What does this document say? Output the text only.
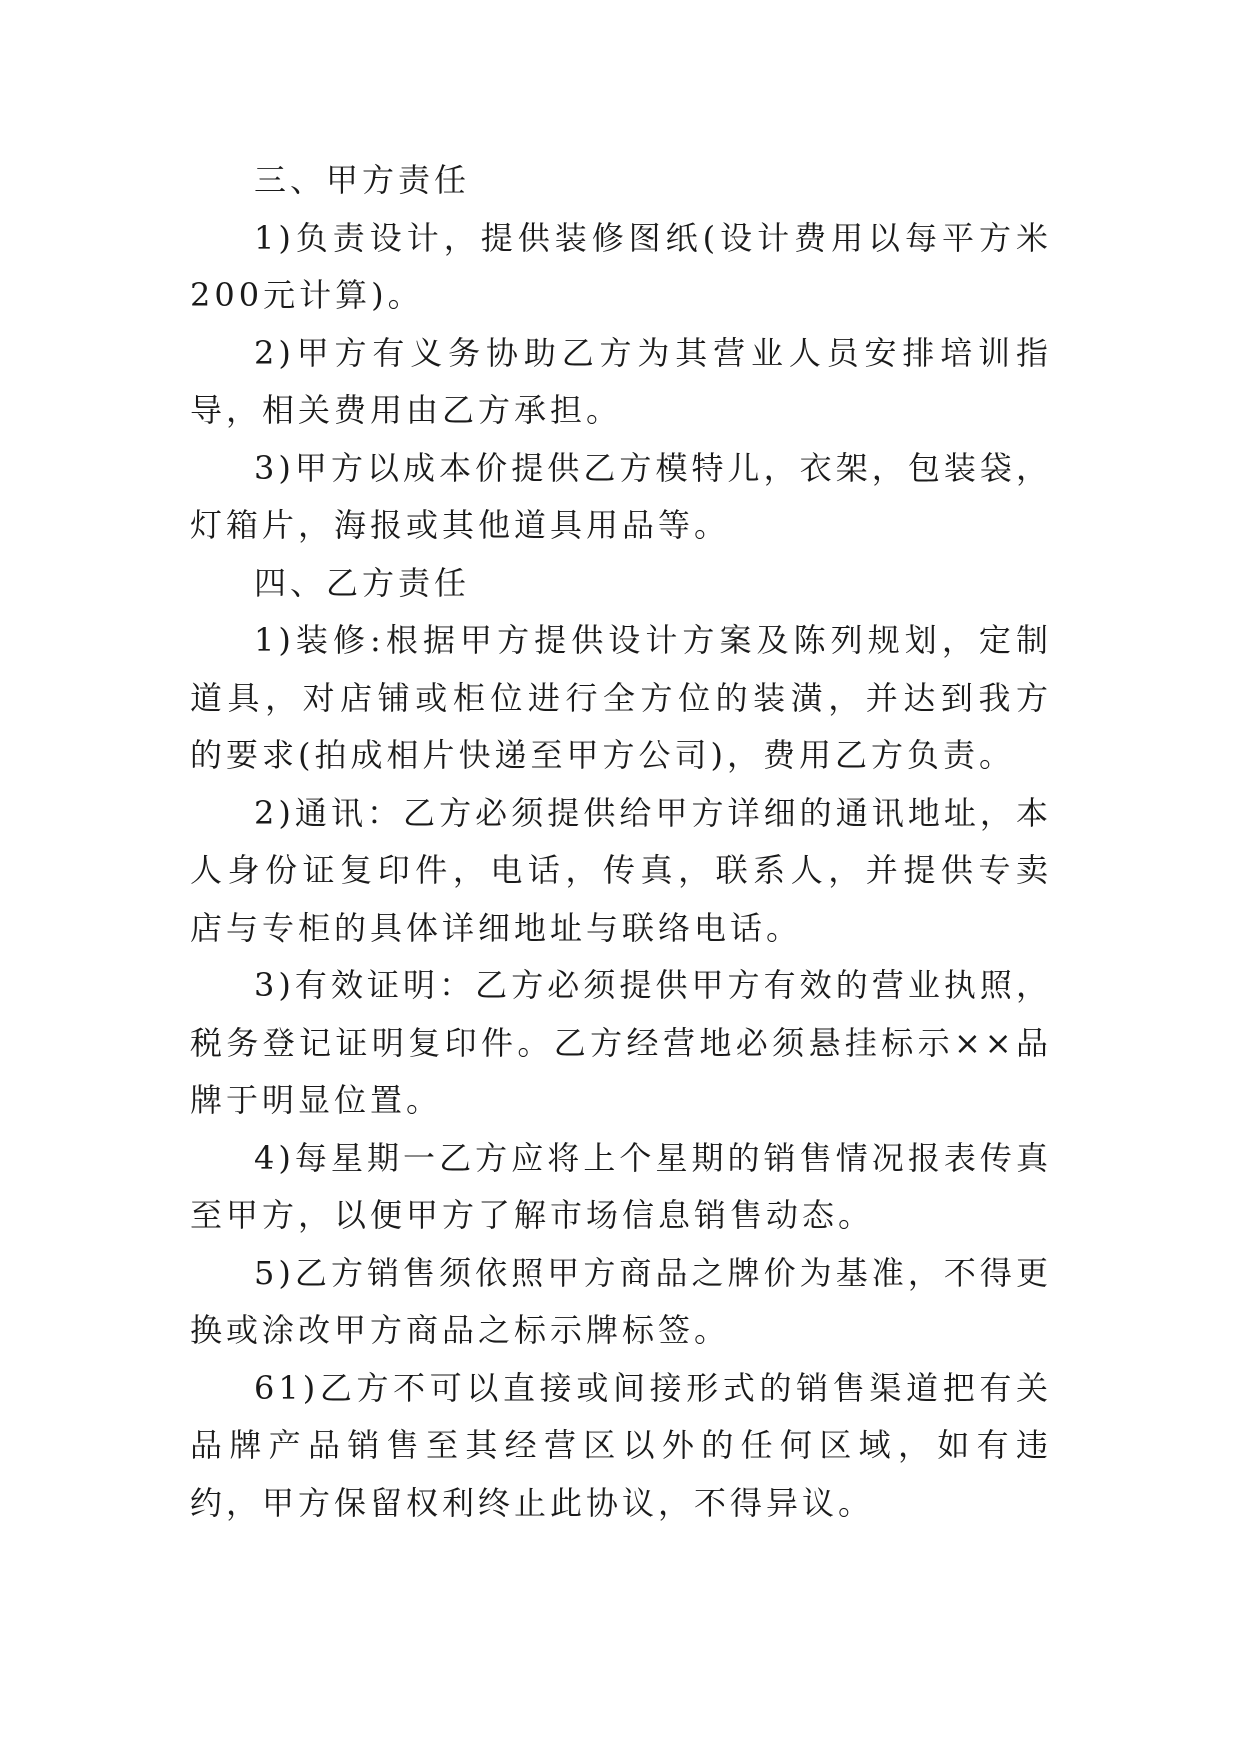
三、甲方责任

1)负责设计，提供装修图纸(设计费用以每平方米200元计算)。

2)甲方有义务协助乙方为其营业人员安排培训指导，相关费用由乙方承担。

3)甲方以成本价提供乙方模特儿，衣架，包装袋，灯箱片，海报或其他道具用品等。

四、乙方责任

1)装修:根据甲方提供设计方案及陈列规划，定制道具，对店铺或柜位进行全方位的装潢，并达到我方的要求(拍成相片快递至甲方公司)，费用乙方负责。

2)通讯：乙方必须提供给甲方详细的通讯地址，本人身份证复印件，电话，传真，联系人，并提供专卖店与专柜的具体详细地址与联络电话。

3)有效证明：乙方必须提供甲方有效的营业执照，税务登记证明复印件。乙方经营地必须悬挂标示××品牌于明显位置。

4)每星期一乙方应将上个星期的销售情况报表传真至甲方，以便甲方了解市场信息销售动态。

5)乙方销售须依照甲方商品之牌价为基准，不得更换或涂改甲方商品之标示牌标签。

61)乙方不可以直接或间接形式的销售渠道把有关品牌产品销售至其经营区以外的任何区域，如有违约，甲方保留权利终止此协议，不得异议。
